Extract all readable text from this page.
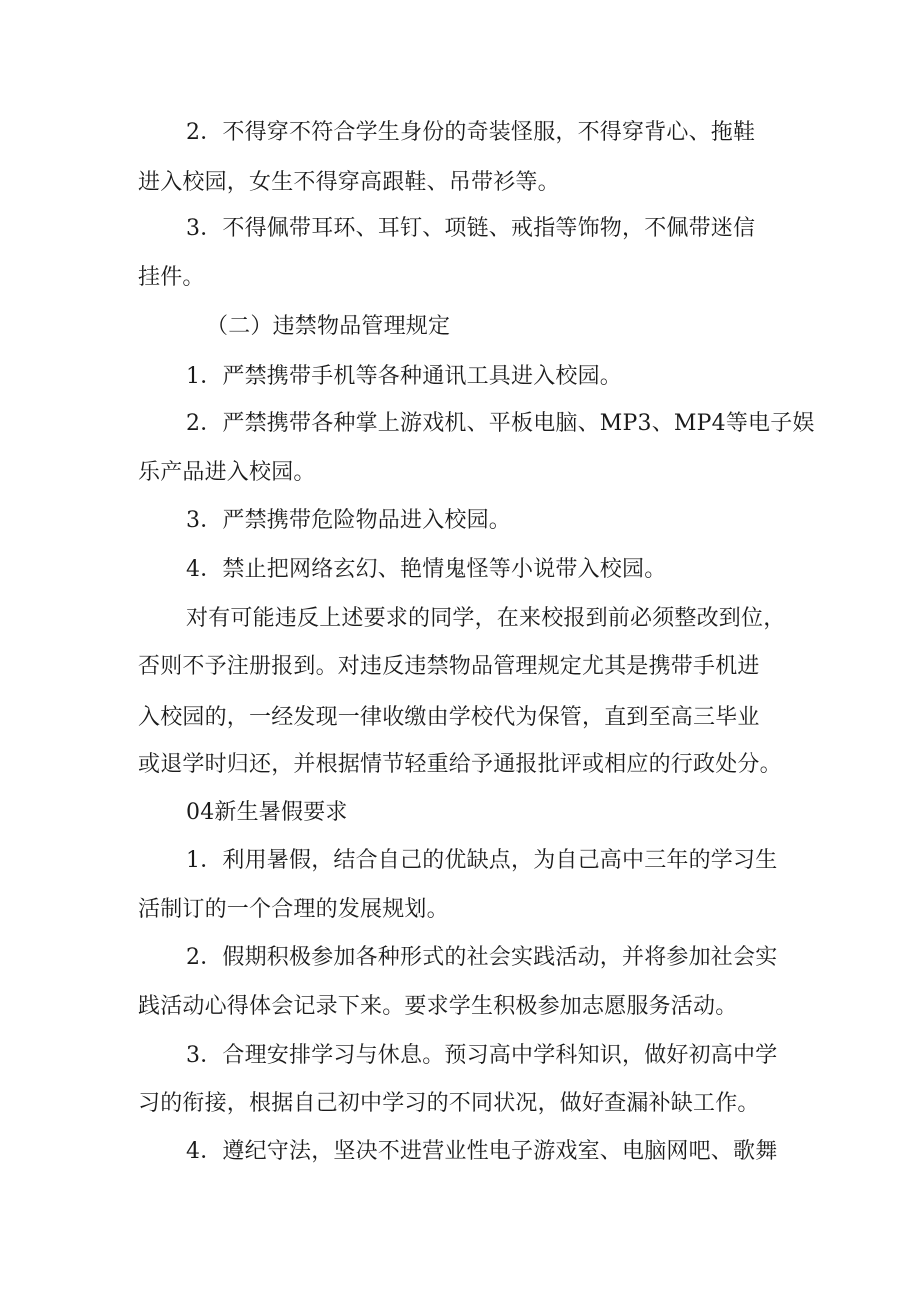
2．不得穿不符合学生身份的奇装怪服，不得穿背心、拖鞋

进入校园，女生不得穿高跟鞋、吊带衫等。

3．不得佩带耳环、耳钉、项链、戒指等饰物，不佩带迷信

挂件。

（二）违禁物品管理规定

1．严禁携带手机等各种通讯工具进入校园。

2．严禁携带各种掌上游戏机、平板电脑、MP3、MP4等电子娱

乐产品进入校园。

3．严禁携带危险物品进入校园。

4．禁止把网络玄幻、艳情鬼怪等小说带入校园。

对有可能违反上述要求的同学，在来校报到前必须整改到位，

否则不予注册报到。对违反违禁物品管理规定尤其是携带手机进

入校园的，一经发现一律收缴由学校代为保管，直到至高三毕业

或退学时归还，并根据情节轻重给予通报批评或相应的行政处分。

04新生暑假要求

1．利用暑假，结合自己的优缺点，为自己高中三年的学习生

活制订的一个合理的发展规划。

2．假期积极参加各种形式的社会实践活动，并将参加社会实

践活动心得体会记录下来。要求学生积极参加志愿服务活动。

3．合理安排学习与休息。预习高中学科知识，做好初高中学

习的衔接，根据自己初中学习的不同状况，做好查漏补缺工作。

4．遵纪守法，坚决不进营业性电子游戏室、电脑网吧、歌舞
